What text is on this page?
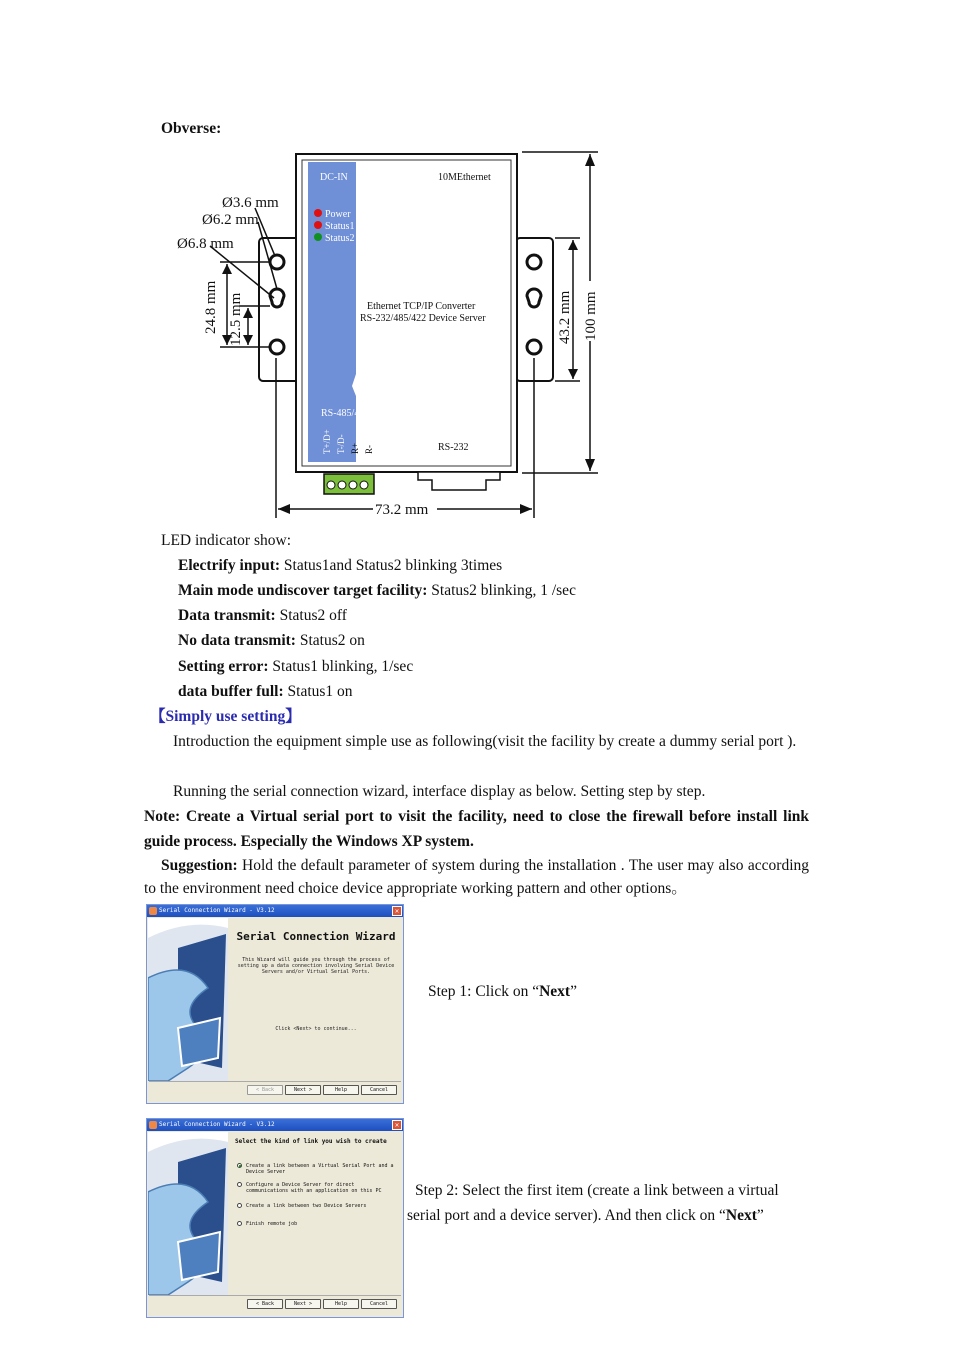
Obverse:
DC-IN	10MEthernet
Power
Status1
Status2
Ethernet TCP/IP Converter
RS-232/485/422 Device Server
RS-485/422
RS-232
T+/D+ T-/D- R+ R-
Ø3.6 mm
Ø6.2 mm
Ø6.8 mm
24.8 mm 12.5 mm	43.2 mm 100 mm
73.2 mm
LED indicator show:
Electrify input: Status1and Status2 blinking 3times
Main mode undiscover target facility: Status2 blinking, 1 /sec
Data transmit: Status2 off
No data transmit: Status2 on
Setting error: Status1 blinking, 1/sec
data buffer full: Status1 on
【Simply use setting】
Introduction the equipment simple use as following(visit the facility by create a dummy serial port ).
Running the serial connection wizard, interface display as below. Setting step by step.
Note: Create a Virtual serial port to visit the facility, need to close the firewall before install link guide process. Especially the Windows XP system.
Suggestion: Hold the default parameter of system during the installation . The user may also according to the environment need choice device appropriate working pattern and other options。
Serial Connection Wizard - V3.12	✕
Serial Connection Wizard
This Wizard will guide you through the process of setting up a data connection involving Serial Device Servers and/or Virtual Serial Ports.
Click <Next> to continue...
< Back	Next >	Help	Cancel
Step 1: Click on “Next”
Serial Connection Wizard - V3.12	✕
Select the kind of link you wish to create
Create a link between a Virtual Serial Port and a Device Server
Configure a Device Server for direct communications with an application on this PC
Create a link between two Device Servers
Finish remote job
< Back	Next >	Help	Cancel
Step 2: Select the first item (create a link between a virtual
serial port and a device server). And then click on “Next”
